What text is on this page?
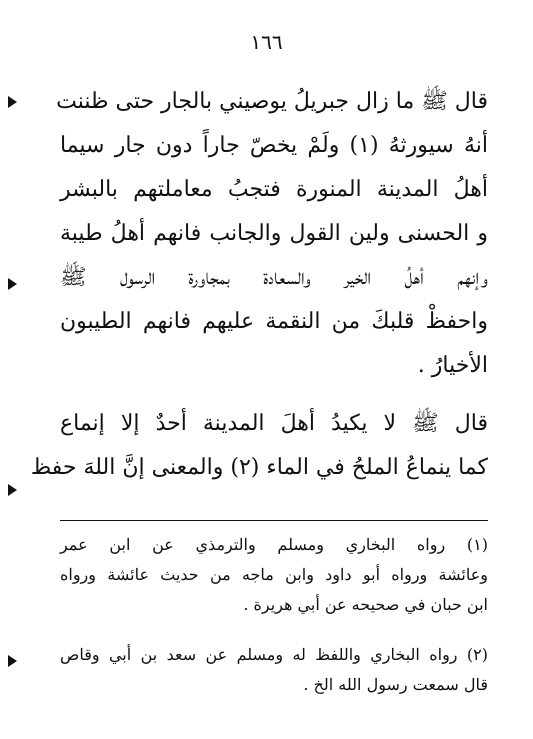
١٦٦
قال ﷺ ما زال جبريلُ يوصيني بالجار حتى ظننت
أنهُ سيورثهُ (١) ولَمْ يخصّ جاراً دون جار سيما
أهلُ المدينة المنورة فتجبُ معاملتهم بالبشر
و الحسنى ولين القول والجانب فانهم أهلُ طيبة
وإنهم أهلُ الخير والسعادة بمجاورة الرسول ﷺ
واحفظْ قلبكَ من النقمة عليهم فانهم الطيبون
الأخيارُ .
قال ﷺ لا يكيدُ أهلَ المدينة أحدٌ إلا إنماع
كما ينماعُ الملحُ في الماء (٢) والمعنى إنَّ اللهَ حفظ
(١) رواه البخاري ومسلم والترمذي عن ابن عمر
وعائشة ورواه أبو داود وابن ماجه من حديث عائشة ورواه
ابن حبان في صحيحه عن أبي هريرة .
(٢) رواه البخاري واللفظ له ومسلم عن سعد بن أبي وقاص
قال سمعت رسول الله الخ .
